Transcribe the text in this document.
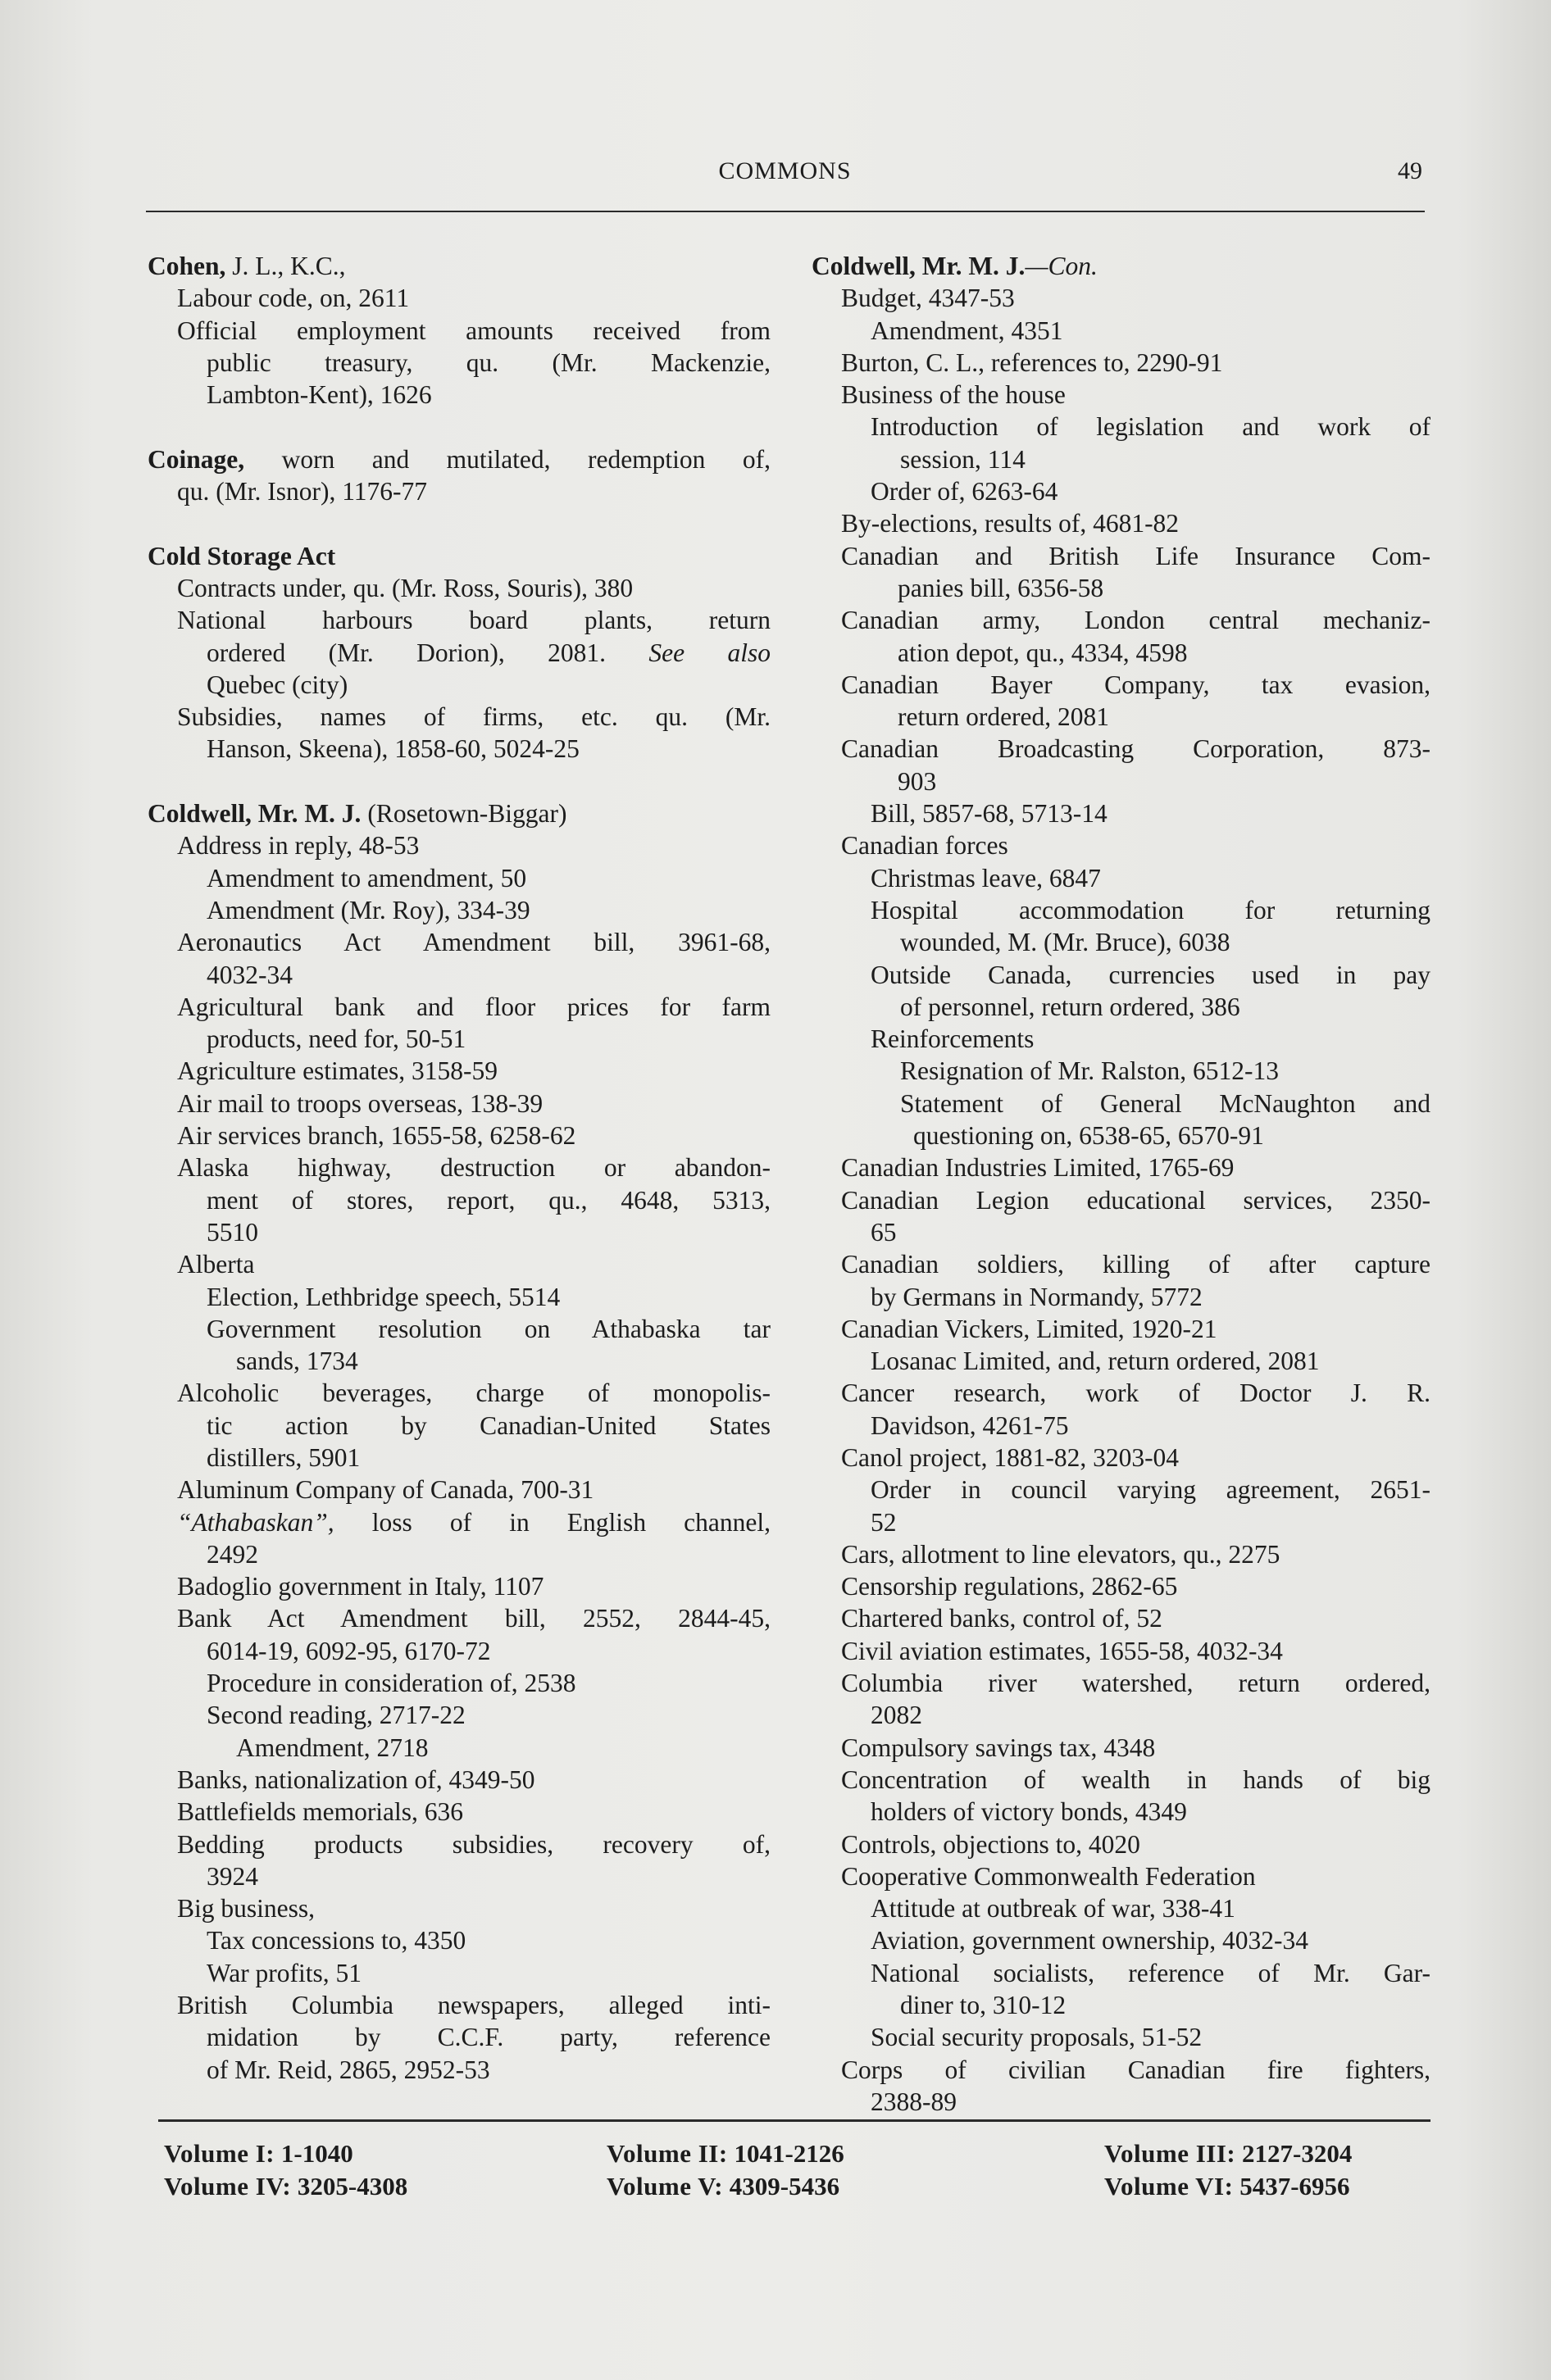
COMMONS	49
Cohen, J. L., K.C.,
Labour code, on, 2611
Official employment amounts received from
public treasury, qu. (Mr. Mackenzie,
Lambton-Kent), 1626
Coinage, worn and mutilated, redemption of,
qu. (Mr. Isnor), 1176-77
Cold Storage Act
Contracts under, qu. (Mr. Ross, Souris), 380
National harbours board plants, return
ordered (Mr. Dorion), 2081. See also
Quebec (city)
Subsidies, names of firms, etc. qu. (Mr.
Hanson, Skeena), 1858-60, 5024-25
Coldwell, Mr. M. J. (Rosetown-Biggar)
Address in reply, 48-53
Amendment to amendment, 50
Amendment (Mr. Roy), 334-39
Aeronautics Act Amendment bill, 3961-68,
4032-34
Agricultural bank and floor prices for farm
products, need for, 50-51
Agriculture estimates, 3158-59
Air mail to troops overseas, 138-39
Air services branch, 1655-58, 6258-62
Alaska highway, destruction or abandon-
ment of stores, report, qu., 4648, 5313,
5510
Alberta
Election, Lethbridge speech, 5514
Government resolution on Athabaska tar
sands, 1734
Alcoholic beverages, charge of monopolis-
tic action by Canadian-United States
distillers, 5901
Aluminum Company of Canada, 700-31
“Athabaskan”, loss of in English channel,
2492
Badoglio government in Italy, 1107
Bank Act Amendment bill, 2552, 2844-45,
6014-19, 6092-95, 6170-72
Procedure in consideration of, 2538
Second reading, 2717-22
Amendment, 2718
Banks, nationalization of, 4349-50
Battlefields memorials, 636
Bedding products subsidies, recovery of,
3924
Big business,
Tax concessions to, 4350
War profits, 51
British Columbia newspapers, alleged inti-
midation by C.C.F. party, reference
of Mr. Reid, 2865, 2952-53
Coldwell, Mr. M. J.—Con.
Budget, 4347-53
Amendment, 4351
Burton, C. L., references to, 2290-91
Business of the house
Introduction of legislation and work of
session, 114
Order of, 6263-64
By-elections, results of, 4681-82
Canadian and British Life Insurance Com-
panies bill, 6356-58
Canadian army, London central mechaniz-
ation depot, qu., 4334, 4598
Canadian Bayer Company, tax evasion,
return ordered, 2081
Canadian Broadcasting Corporation, 873-
903
Bill, 5857-68, 5713-14
Canadian forces
Christmas leave, 6847
Hospital accommodation for returning
wounded, M. (Mr. Bruce), 6038
Outside Canada, currencies used in pay
of personnel, return ordered, 386
Reinforcements
Resignation of Mr. Ralston, 6512-13
Statement of General McNaughton and
questioning on, 6538-65, 6570-91
Canadian Industries Limited, 1765-69
Canadian Legion educational services, 2350-
65
Canadian soldiers, killing of after capture
by Germans in Normandy, 5772
Canadian Vickers, Limited, 1920-21
Losanac Limited, and, return ordered, 2081
Cancer research, work of Doctor J. R.
Davidson, 4261-75
Canol project, 1881-82, 3203-04
Order in council varying agreement, 2651-
52
Cars, allotment to line elevators, qu., 2275
Censorship regulations, 2862-65
Chartered banks, control of, 52
Civil aviation estimates, 1655-58, 4032-34
Columbia river watershed, return ordered,
2082
Compulsory savings tax, 4348
Concentration of wealth in hands of big
holders of victory bonds, 4349
Controls, objections to, 4020
Cooperative Commonwealth Federation
Attitude at outbreak of war, 338-41
Aviation, government ownership, 4032-34
National socialists, reference of Mr. Gar-
diner to, 310-12
Social security proposals, 51-52
Corps of civilian Canadian fire fighters,
2388-89
Volume I: 1-1040
Volume IV: 3205-4308
Volume II: 1041-2126
Volume V: 4309-5436
Volume III: 2127-3204
Volume VI: 5437-6956
